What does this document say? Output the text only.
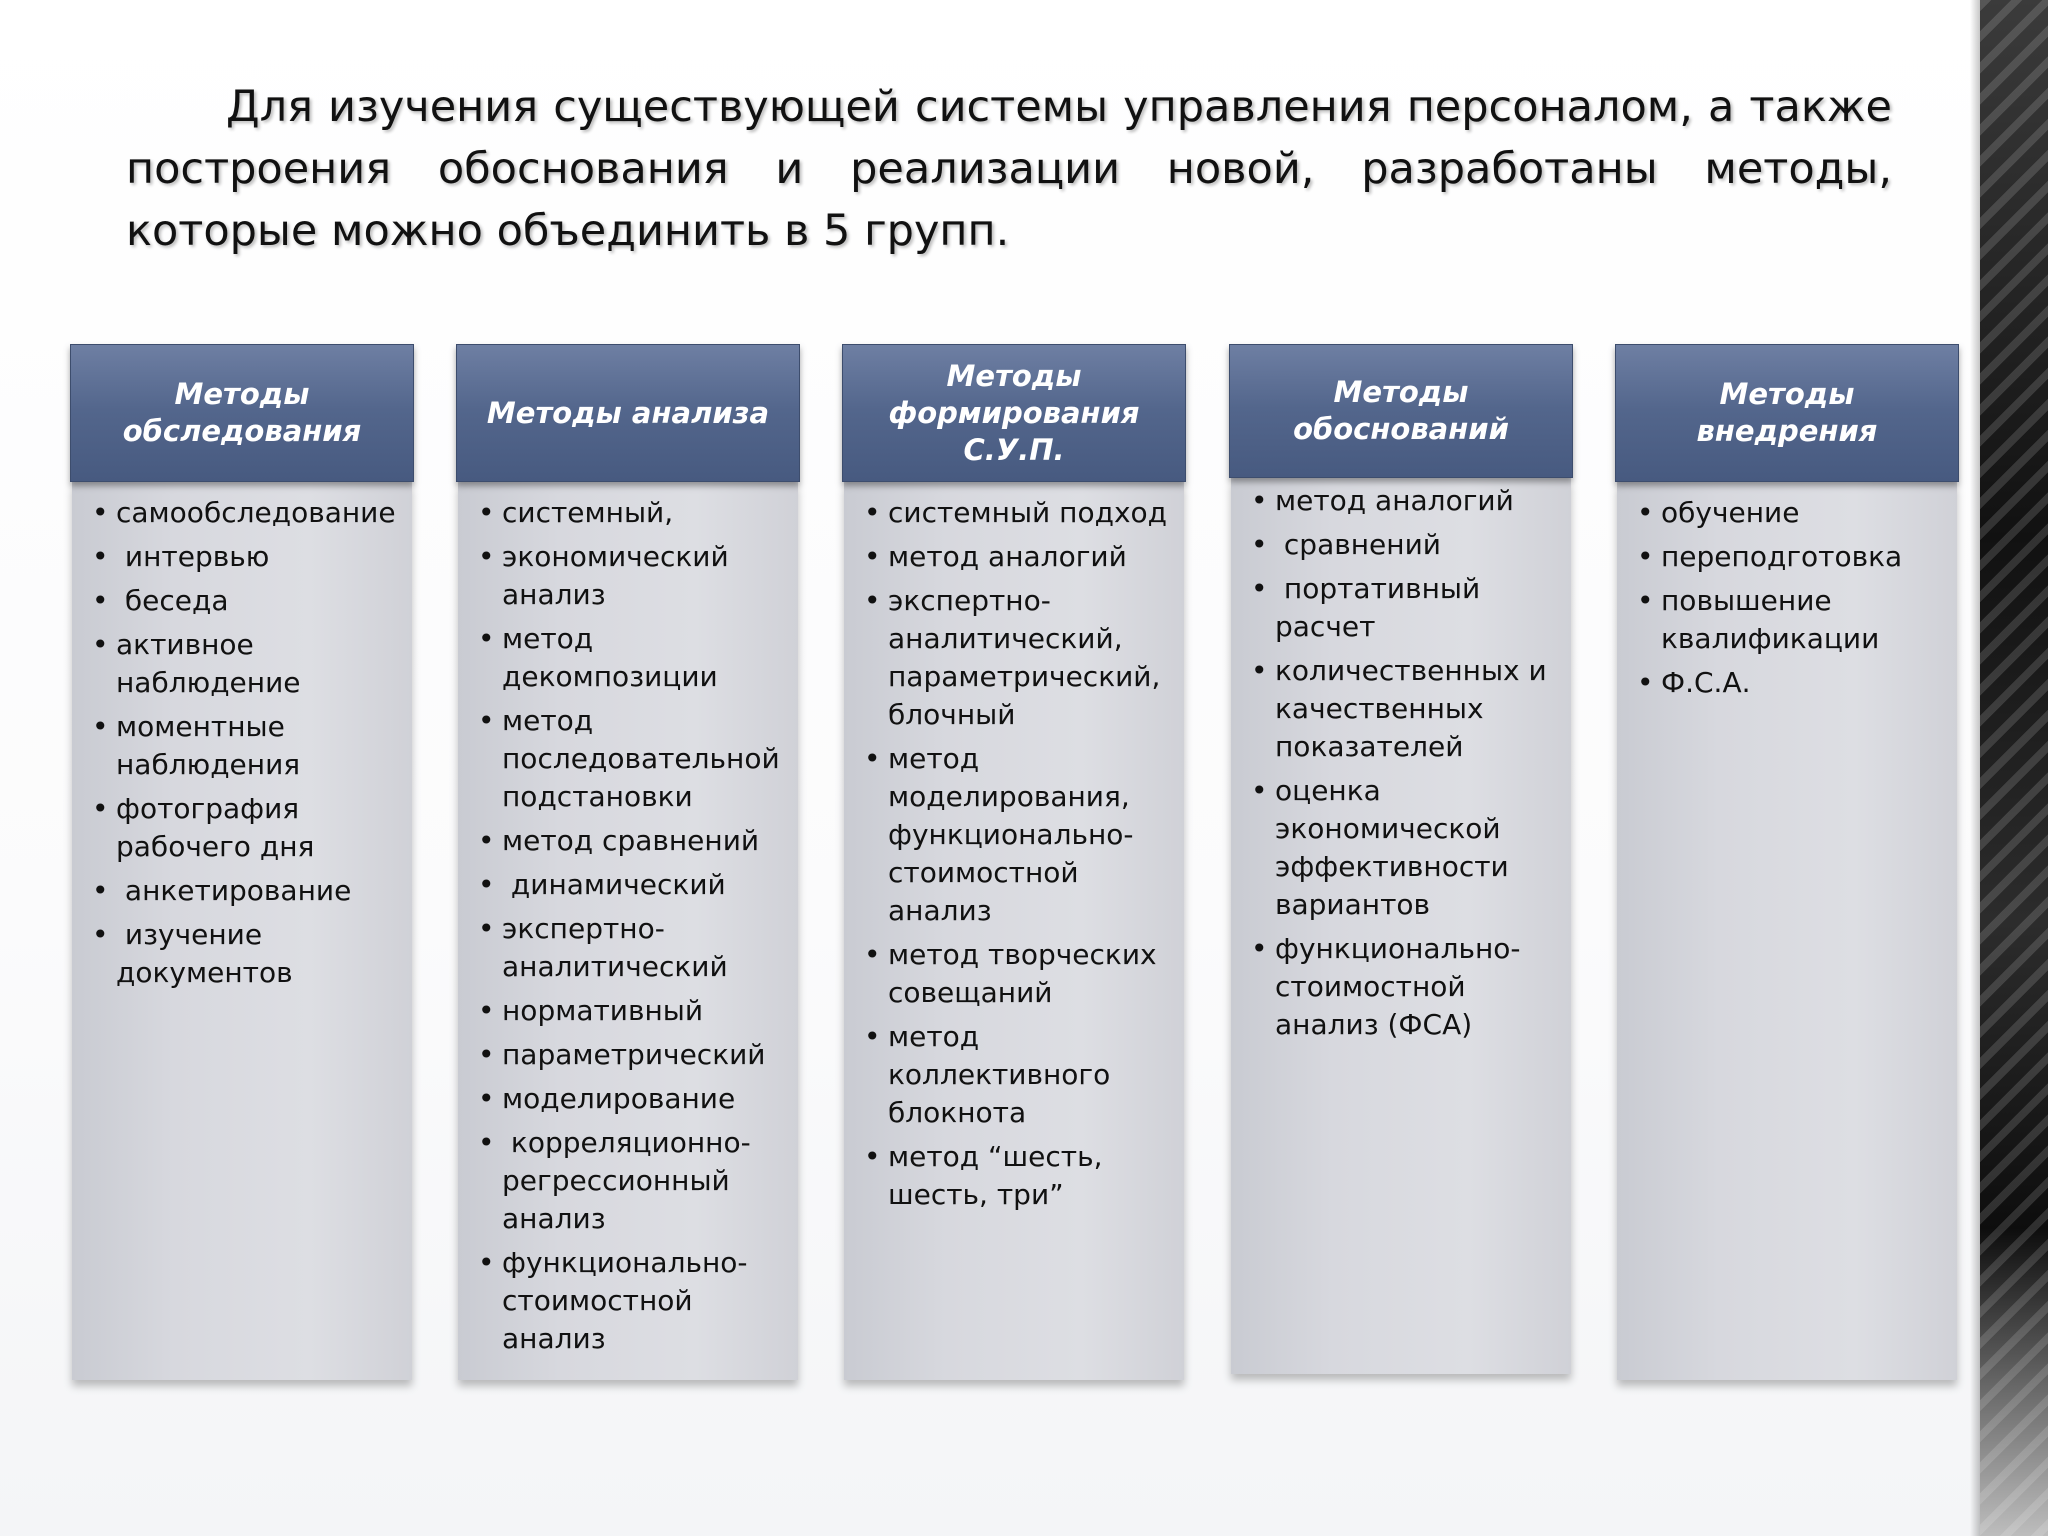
Для изучения существующей системы управления персоналом, а также построения обоснования и реализации новой, разработаны методы, которые можно объединить в 5 групп.

Методы
обследования
• самообследование
• интервью
• беседа
• активное наблюдение
• моментные наблюдения
• фотография рабочего дня
• анкетирование
• изучение документов
Методы анализа
• системный,
• экономический анализ
• метод декомпозиции
• метод последовательной подстановки
• метод сравнений
• динамический
• экспертно-аналитический
• нормативный
• параметрический
• моделирование
• корреляционно-регрессионный анализ
• функционально-стоимостной анализ
Методы
формирования
С.У.П.
• системный подход
• метод аналогий
• экспертно-аналитический, параметрический, блочный
• метод моделирования, функционально-стоимостной анализ
• метод творческих совещаний
• метод коллективного блокнота
• метод “шесть, шесть, три”
Методы
обоснований
• метод аналогий
• сравнений
• портативный расчет
• количественных и качественных показателей
• оценка экономической эффективности вариантов
• функционально-стоимостной анализ (ФСА)
Методы
внедрения
• обучение
• переподготовка
• повышение квалификации
• Ф.С.А.
